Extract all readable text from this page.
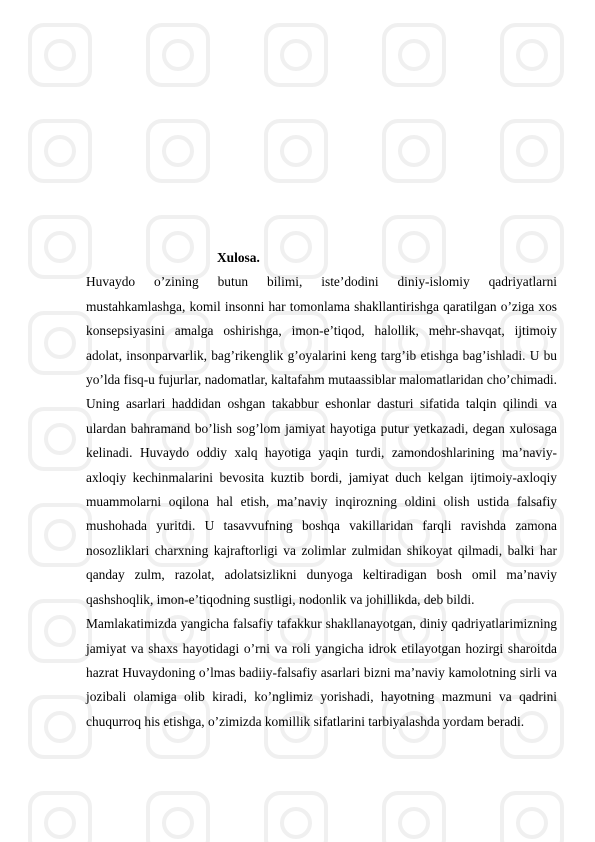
Xulosa.

Huvaydo o’zining butun bilimi, iste’dodini diniy-islomiy qadriyatlarni mustahkamlashga, komil insonni har tomonlama shakllantirishga qaratilgan o’ziga xos konsepsiyasini amalga oshirishga, imon-e’tiqod, halollik, mehr-shavqat, ijtimoiy adolat, insonparvarlik, bag’rikenglik g’oyalarini keng targ’ib etishga bag’ishladi. U bu yo’lda fisq-u fujurlar, nadomatlar, kaltafahm mutaassiblar malomatlaridan cho’chimadi. Uning asarlari haddidan oshgan takabbur eshonlar dasturi sifatida talqin qilindi va ulardan bahramand bo’lish sog’lom jamiyat hayotiga putur yetkazadi, degan xulosaga kelinadi. Huvaydo oddiy xalq hayotiga yaqin turdi, zamondoshlarining ma’naviy-axloqiy kechinmalarini bevosita kuztib bordi, jamiyat duch kelgan ijtimoiy-axloqiy muammolarni oqilona hal etish, ma’naviy inqirozning oldini olish ustida falsafiy mushohada yuritdi. U tasavvufning boshqa vakillaridan farqli ravishda zamona nosozliklari charxning kajraftorligi va zolimlar zulmidan shikoyat qilmadi, balki har qanday zulm, razolat, adolatsizlikni dunyoga keltiradigan bosh omil ma’naviy qashshoqlik, imon-e’tiqodning sustligi, nodonlik va johillikda, deb bildi.

Mamlakatimizda yangicha falsafiy tafakkur shakllanayotgan, diniy qadriyatlarimizning jamiyat va shaxs hayotidagi o’rni va roli yangicha idrok etilayotgan hozirgi sharoitda hazrat Huvaydoning o’lmas badiiy-falsafiy asarlari bizni ma’naviy kamolotning sirli va jozibali olamiga olib kiradi, ko’nglimiz yorishadi, hayotning mazmuni va qadrini chuqurroq his etishga, o’zimizda komillik sifatlarini tarbiyalashda yordam beradi.
